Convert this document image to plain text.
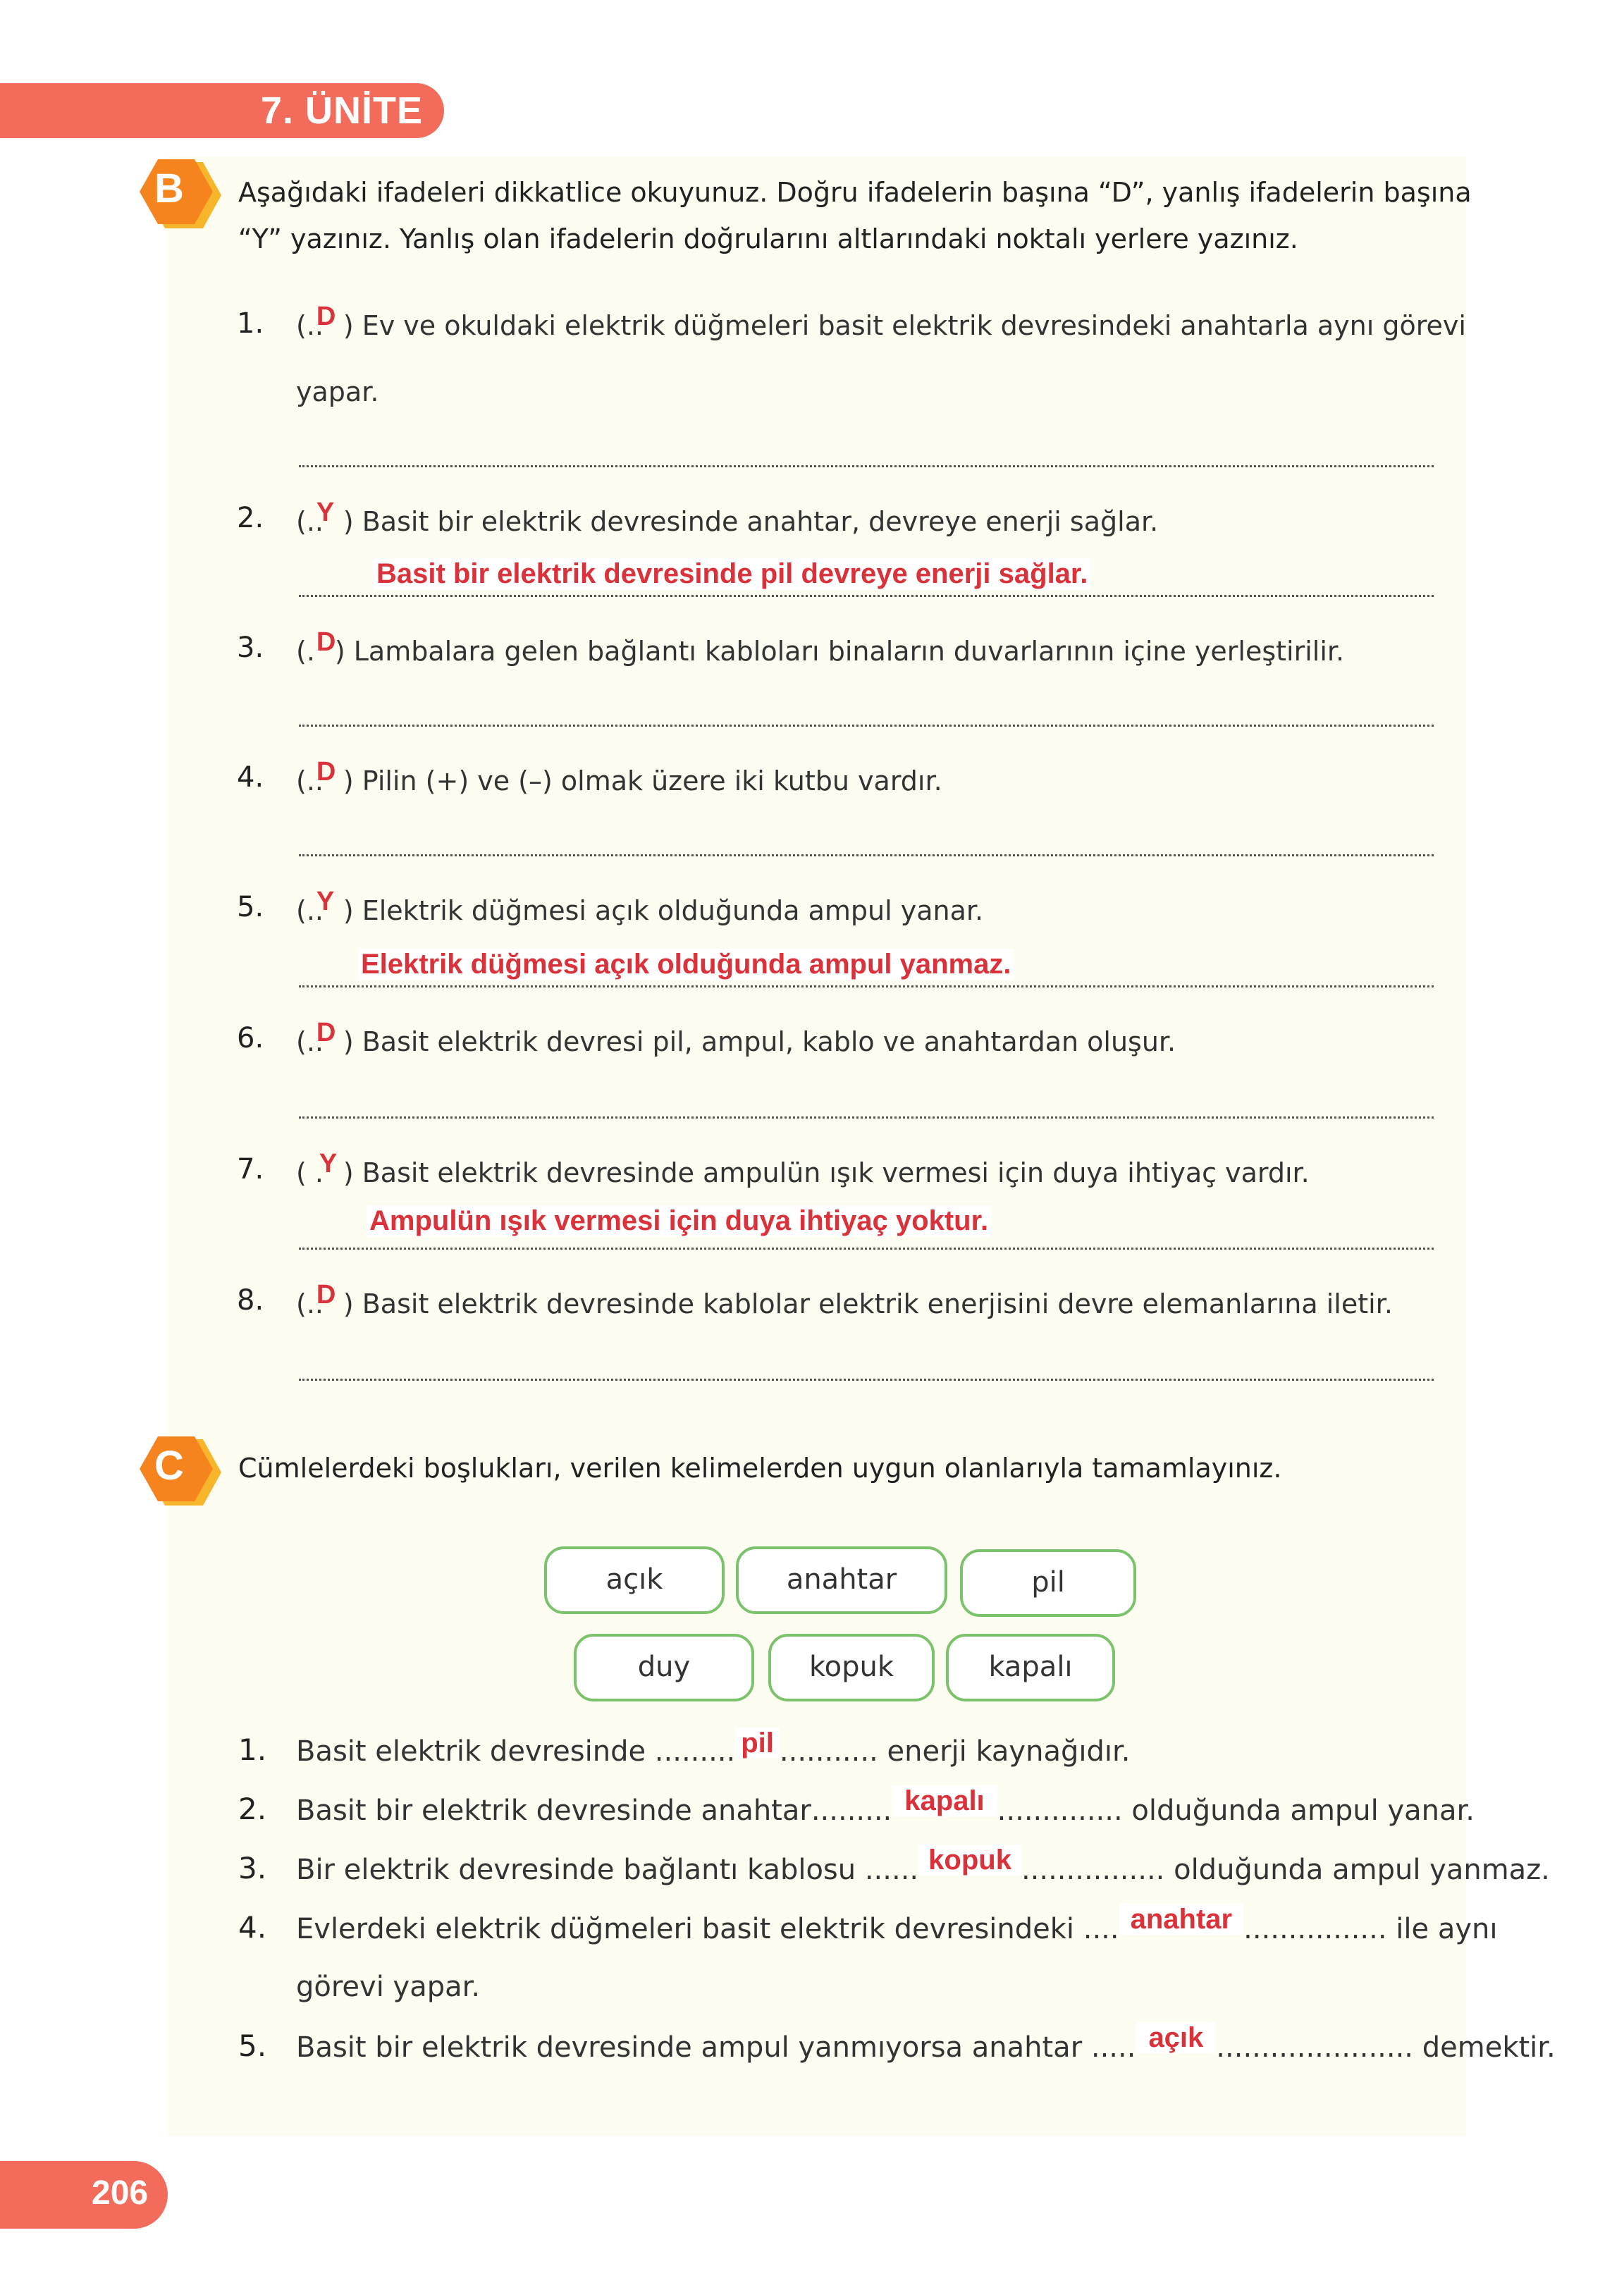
7. ÜNİTE
B	Aşağıdaki ifadeleri dikkatlice okuyunuz. Doğru ifadelerin başına “D”, yanlış ifadelerin başına
“Y” yazınız. Yanlış olan ifadelerin doğrularını altlarındaki noktalı yerlere yazınız.
1. ( D
.. ) Ev ve okuldaki elektrik düğmeleri basit elektrik devresindeki anahtarla aynı görevi
yapar.
2. ( Y
.. ) Basit bir elektrik devresinde anahtar, devreye enerji sağlar.
Basit bir elektrik devresinde pil devreye enerji sağlar.
3. ( D
. ) Lambalara gelen bağlantı kabloları binaların duvarlarının içine yerleştirilir.
4. ( D
.. ) Pilin (+) ve (–) olmak üzere iki kutbu vardır.
5. ( Y
.. ) Elektrik düğmesi açık olduğunda ampul yanar.
Elektrik düğmesi açık olduğunda ampul yanmaz.
6. ( D
.. ) Basit elektrik devresi pil, ampul, kablo ve anahtardan oluşur.
7. ( Y
. ) Basit elektrik devresinde ampulün ışık vermesi için duya ihtiyaç vardır.
Ampulün ışık vermesi için duya ihtiyaç yoktur.
8. ( D
.. ) Basit elektrik devresinde kablolar elektrik enerjisini devre elemanlarına iletir.
C	Cümlelerdeki boşlukları, verilen kelimelerden uygun olanlarıyla tamamlayınız.
açık	anahtar	pil
duy	kopuk	kapalı
1. Basit elektrik devresinde ......... pil ........... enerji kaynağıdır.
2. Basit bir elektrik devresinde anahtar......... kapalı .............. olduğunda ampul yanar.
3. Bir elektrik devresinde bağlantı kablosu ...... kopuk ................ olduğunda ampul yanmaz.
4. Evlerdeki elektrik düğmeleri basit elektrik devresindeki .... anahtar ................ ile aynı
görevi yapar.
5. Basit bir elektrik devresinde ampul yanmıyorsa anahtar ..... açık ...................... demektir.
206
